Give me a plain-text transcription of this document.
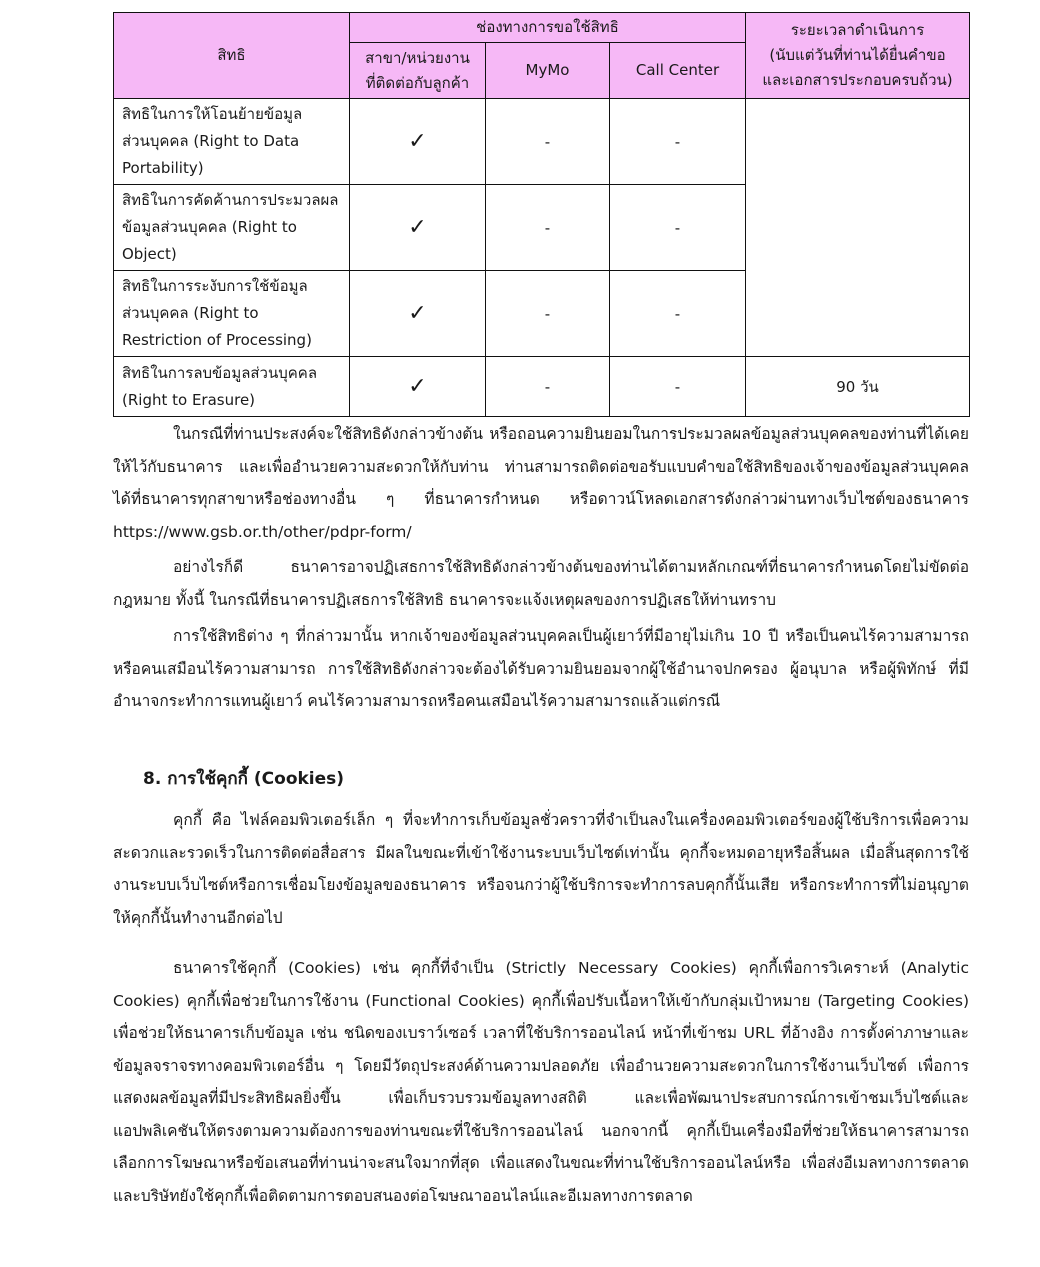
สิทธิ	ช่องทางการขอใช้สิทธิ			ระยะเวลาดำเนินการ
(นับแต่วันที่ท่านได้ยื่นคำขอ
และเอกสารประกอบครบถ้วน)

	สาขา/หน่วยงาน
ที่ติดต่อกับลูกค้า	MyMo	Call Center	

สิทธิในการให้โอนย้ายข้อมูล
ส่วนบุคคล (Right to Data
Portability)	✓	-	-	

สิทธิในการคัดค้านการประมวลผล
ข้อมูลส่วนบุคคล (Right to
Object)	✓	-	-	

สิทธิในการระงับการใช้ข้อมูล
ส่วนบุคคล (Right to
Restriction of Processing)	✓	-	-	

สิทธิในการลบข้อมูลส่วนบุคคล
(Right to Erasure)	✓	-	-	90 วัน

ในกรณีที่ท่านประสงค์จะใช้สิทธิดังกล่าวข้างต้น หรือถอนความยินยอมในการประมวลผลข้อมูลส่วนบุคคลของท่านที่ได้เคยให้ไว้กับธนาคาร และเพื่ออำนวยความสะดวกให้กับท่าน ท่านสามารถติดต่อขอรับแบบคำขอใช้สิทธิของเจ้าของข้อมูลส่วนบุคคลได้ที่ธนาคารทุกสาขาหรือช่องทางอื่น ๆ ที่ธนาคารกำหนด หรือดาวน์โหลดเอกสารดังกล่าวผ่านทางเว็บไซต์ของธนาคาร https://www.gsb.or.th/other/pdpr-form/

อย่างไรก็ดี ธนาคารอาจปฏิเสธการใช้สิทธิดังกล่าวข้างต้นของท่านได้ตามหลักเกณฑ์ที่ธนาคารกำหนดโดยไม่ขัดต่อกฎหมาย ทั้งนี้ ในกรณีที่ธนาคารปฏิเสธการใช้สิทธิ ธนาคารจะแจ้งเหตุผลของการปฏิเสธให้ท่านทราบ

การใช้สิทธิต่าง ๆ ที่กล่าวมานั้น หากเจ้าของข้อมูลส่วนบุคคลเป็นผู้เยาว์ที่มีอายุไม่เกิน 10 ปี หรือเป็นคนไร้ความสามารถ หรือคนเสมือนไร้ความสามารถ การใช้สิทธิดังกล่าวจะต้องได้รับความยินยอมจากผู้ใช้อำนาจปกครอง ผู้อนุบาล หรือผู้พิทักษ์ ที่มีอำนาจกระทำการแทนผู้เยาว์ คนไร้ความสามารถหรือคนเสมือนไร้ความสามารถแล้วแต่กรณี

8. การใช้คุกกี้ (Cookies)

คุกกี้ คือ ไฟล์คอมพิวเตอร์เล็ก ๆ ที่จะทำการเก็บข้อมูลชั่วคราวที่จำเป็นลงในเครื่องคอมพิวเตอร์ของผู้ใช้บริการเพื่อความสะดวกและรวดเร็วในการติดต่อสื่อสาร มีผลในขณะที่เข้าใช้งานระบบเว็บไซต์เท่านั้น คุกกี้จะหมดอายุหรือสิ้นผล เมื่อสิ้นสุดการใช้งานระบบเว็บไซต์หรือการเชื่อมโยงข้อมูลของธนาคาร หรือจนกว่าผู้ใช้บริการจะทำการลบคุกกี้นั้นเสีย หรือกระทำการที่ไม่อนุญาตให้คุกกี้นั้นทำงานอีกต่อไป

ธนาคารใช้คุกกี้ (Cookies) เช่น คุกกี้ที่จำเป็น (Strictly Necessary Cookies) คุกกี้เพื่อการวิเคราะห์ (Analytic Cookies) คุกกี้เพื่อช่วยในการใช้งาน (Functional Cookies) คุกกี้เพื่อปรับเนื้อหาให้เข้ากับกลุ่มเป้าหมาย (Targeting Cookies) เพื่อช่วยให้ธนาคารเก็บข้อมูล เช่น ชนิดของเบราว์เซอร์ เวลาที่ใช้บริการออนไลน์ หน้าที่เข้าชม URL ที่อ้างอิง การตั้งค่าภาษาและข้อมูลจราจรทางคอมพิวเตอร์อื่น ๆ โดยมีวัตถุประสงค์ด้านความปลอดภัย เพื่ออำนวยความสะดวกในการใช้งานเว็บไซต์ เพื่อการแสดงผลข้อมูลที่มีประสิทธิผลยิ่งขึ้น เพื่อเก็บรวบรวมข้อมูลทางสถิติ และเพื่อพัฒนาประสบการณ์การเข้าชมเว็บไซต์และแอปพลิเคชันให้ตรงตามความต้องการของท่านขณะที่ใช้บริการออนไลน์ นอกจากนี้ คุกกี้เป็นเครื่องมือที่ช่วยให้ธนาคารสามารถเลือกการโฆษณาหรือข้อเสนอที่ท่านน่าจะสนใจมากที่สุด เพื่อแสดงในขณะที่ท่านใช้บริการออนไลน์หรือ เพื่อส่งอีเมลทางการตลาด และบริษัทยังใช้คุกกี้เพื่อติดตามการตอบสนองต่อโฆษณาออนไลน์และอีเมลทางการตลาด
